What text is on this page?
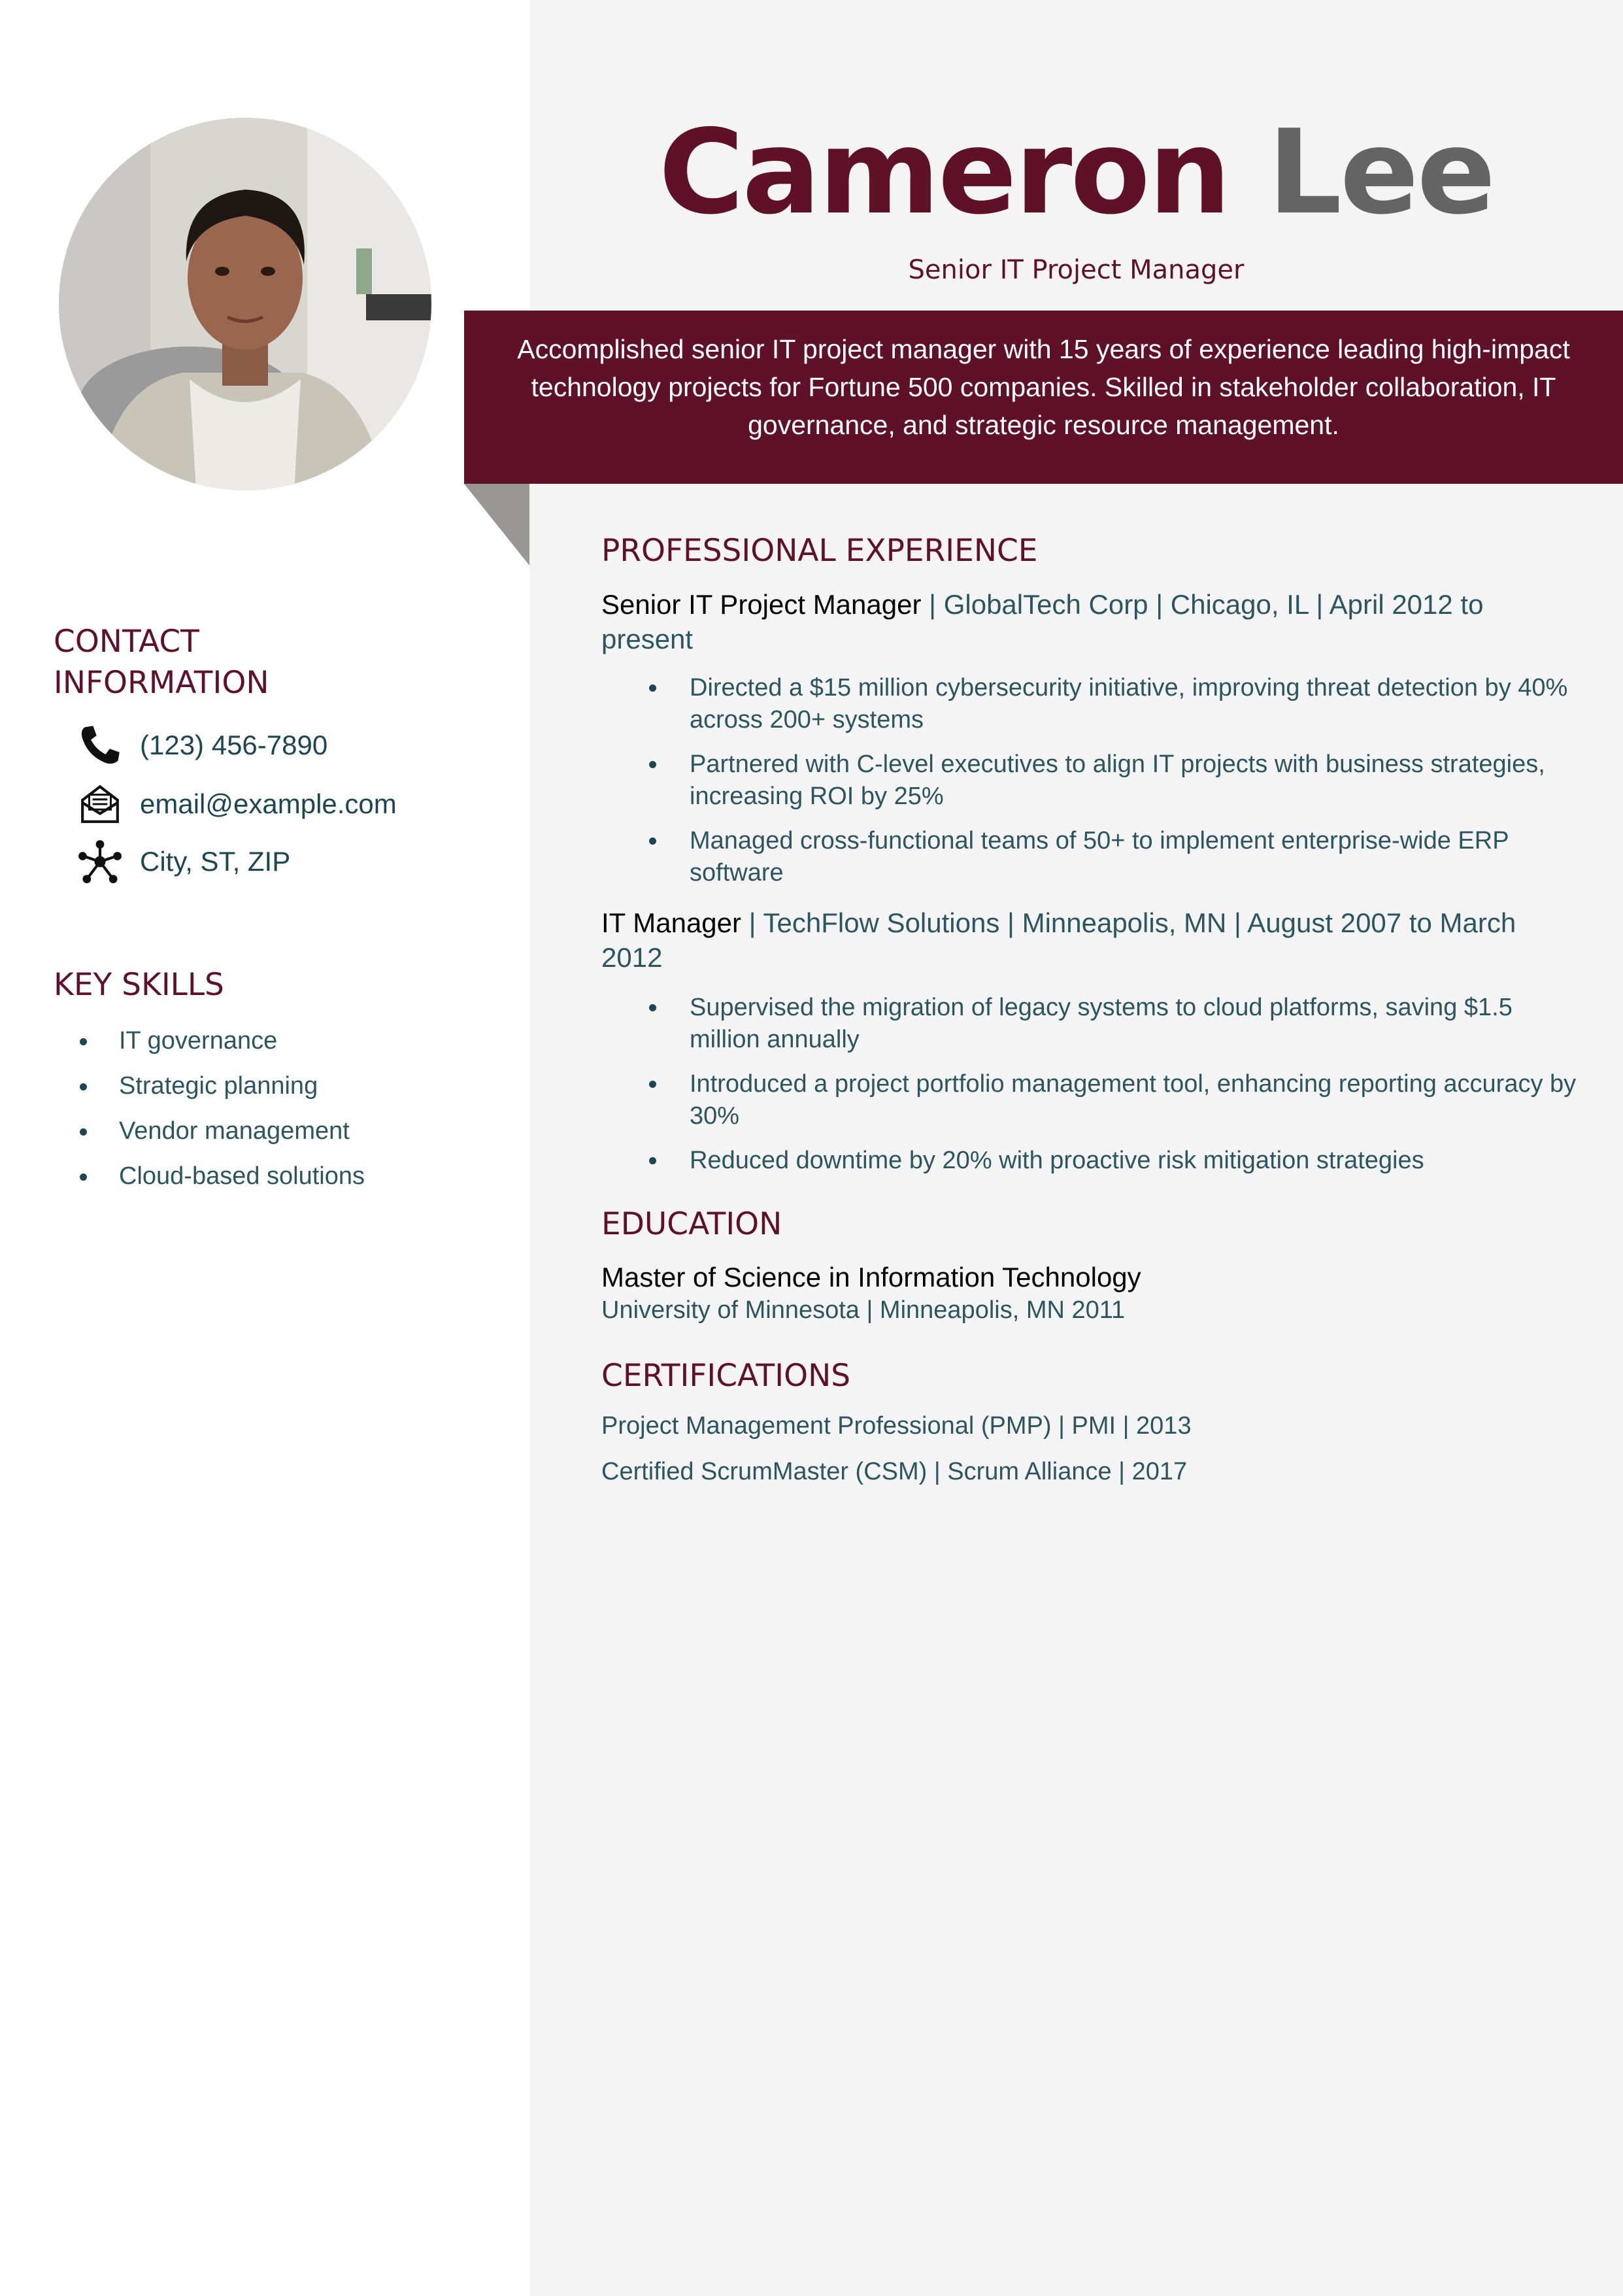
Cameron Lee
Senior IT Project Manager

Accomplished senior IT project manager with 15 years of experience leading high-impact technology projects for Fortune 500 companies. Skilled in stakeholder collaboration, IT governance, and strategic resource management.

CONTACT
INFORMATION
(123) 456-7890
email@example.com
City, ST, ZIP
KEY SKILLS
IT governance
Strategic planning
Vendor management
Cloud-based solutions
PROFESSIONAL EXPERIENCE
Senior IT Project Manager | GlobalTech Corp | Chicago, IL | April 2012 to present
Directed a $15 million cybersecurity initiative, improving threat detection by 40% across 200+ systems
Partnered with C-level executives to align IT projects with business strategies, increasing ROI by 25%
Managed cross-functional teams of 50+ to implement enterprise-wide ERP software
IT Manager | TechFlow Solutions | Minneapolis, MN | August 2007 to March 2012
Supervised the migration of legacy systems to cloud platforms, saving $1.5 million annually
Introduced a project portfolio management tool, enhancing reporting accuracy by 30%
Reduced downtime by 20% with proactive risk mitigation strategies
EDUCATION
Master of Science in Information Technology
University of Minnesota | Minneapolis, MN 2011
CERTIFICATIONS
Project Management Professional (PMP) | PMI | 2013
Certified ScrumMaster (CSM) | Scrum Alliance | 2017
